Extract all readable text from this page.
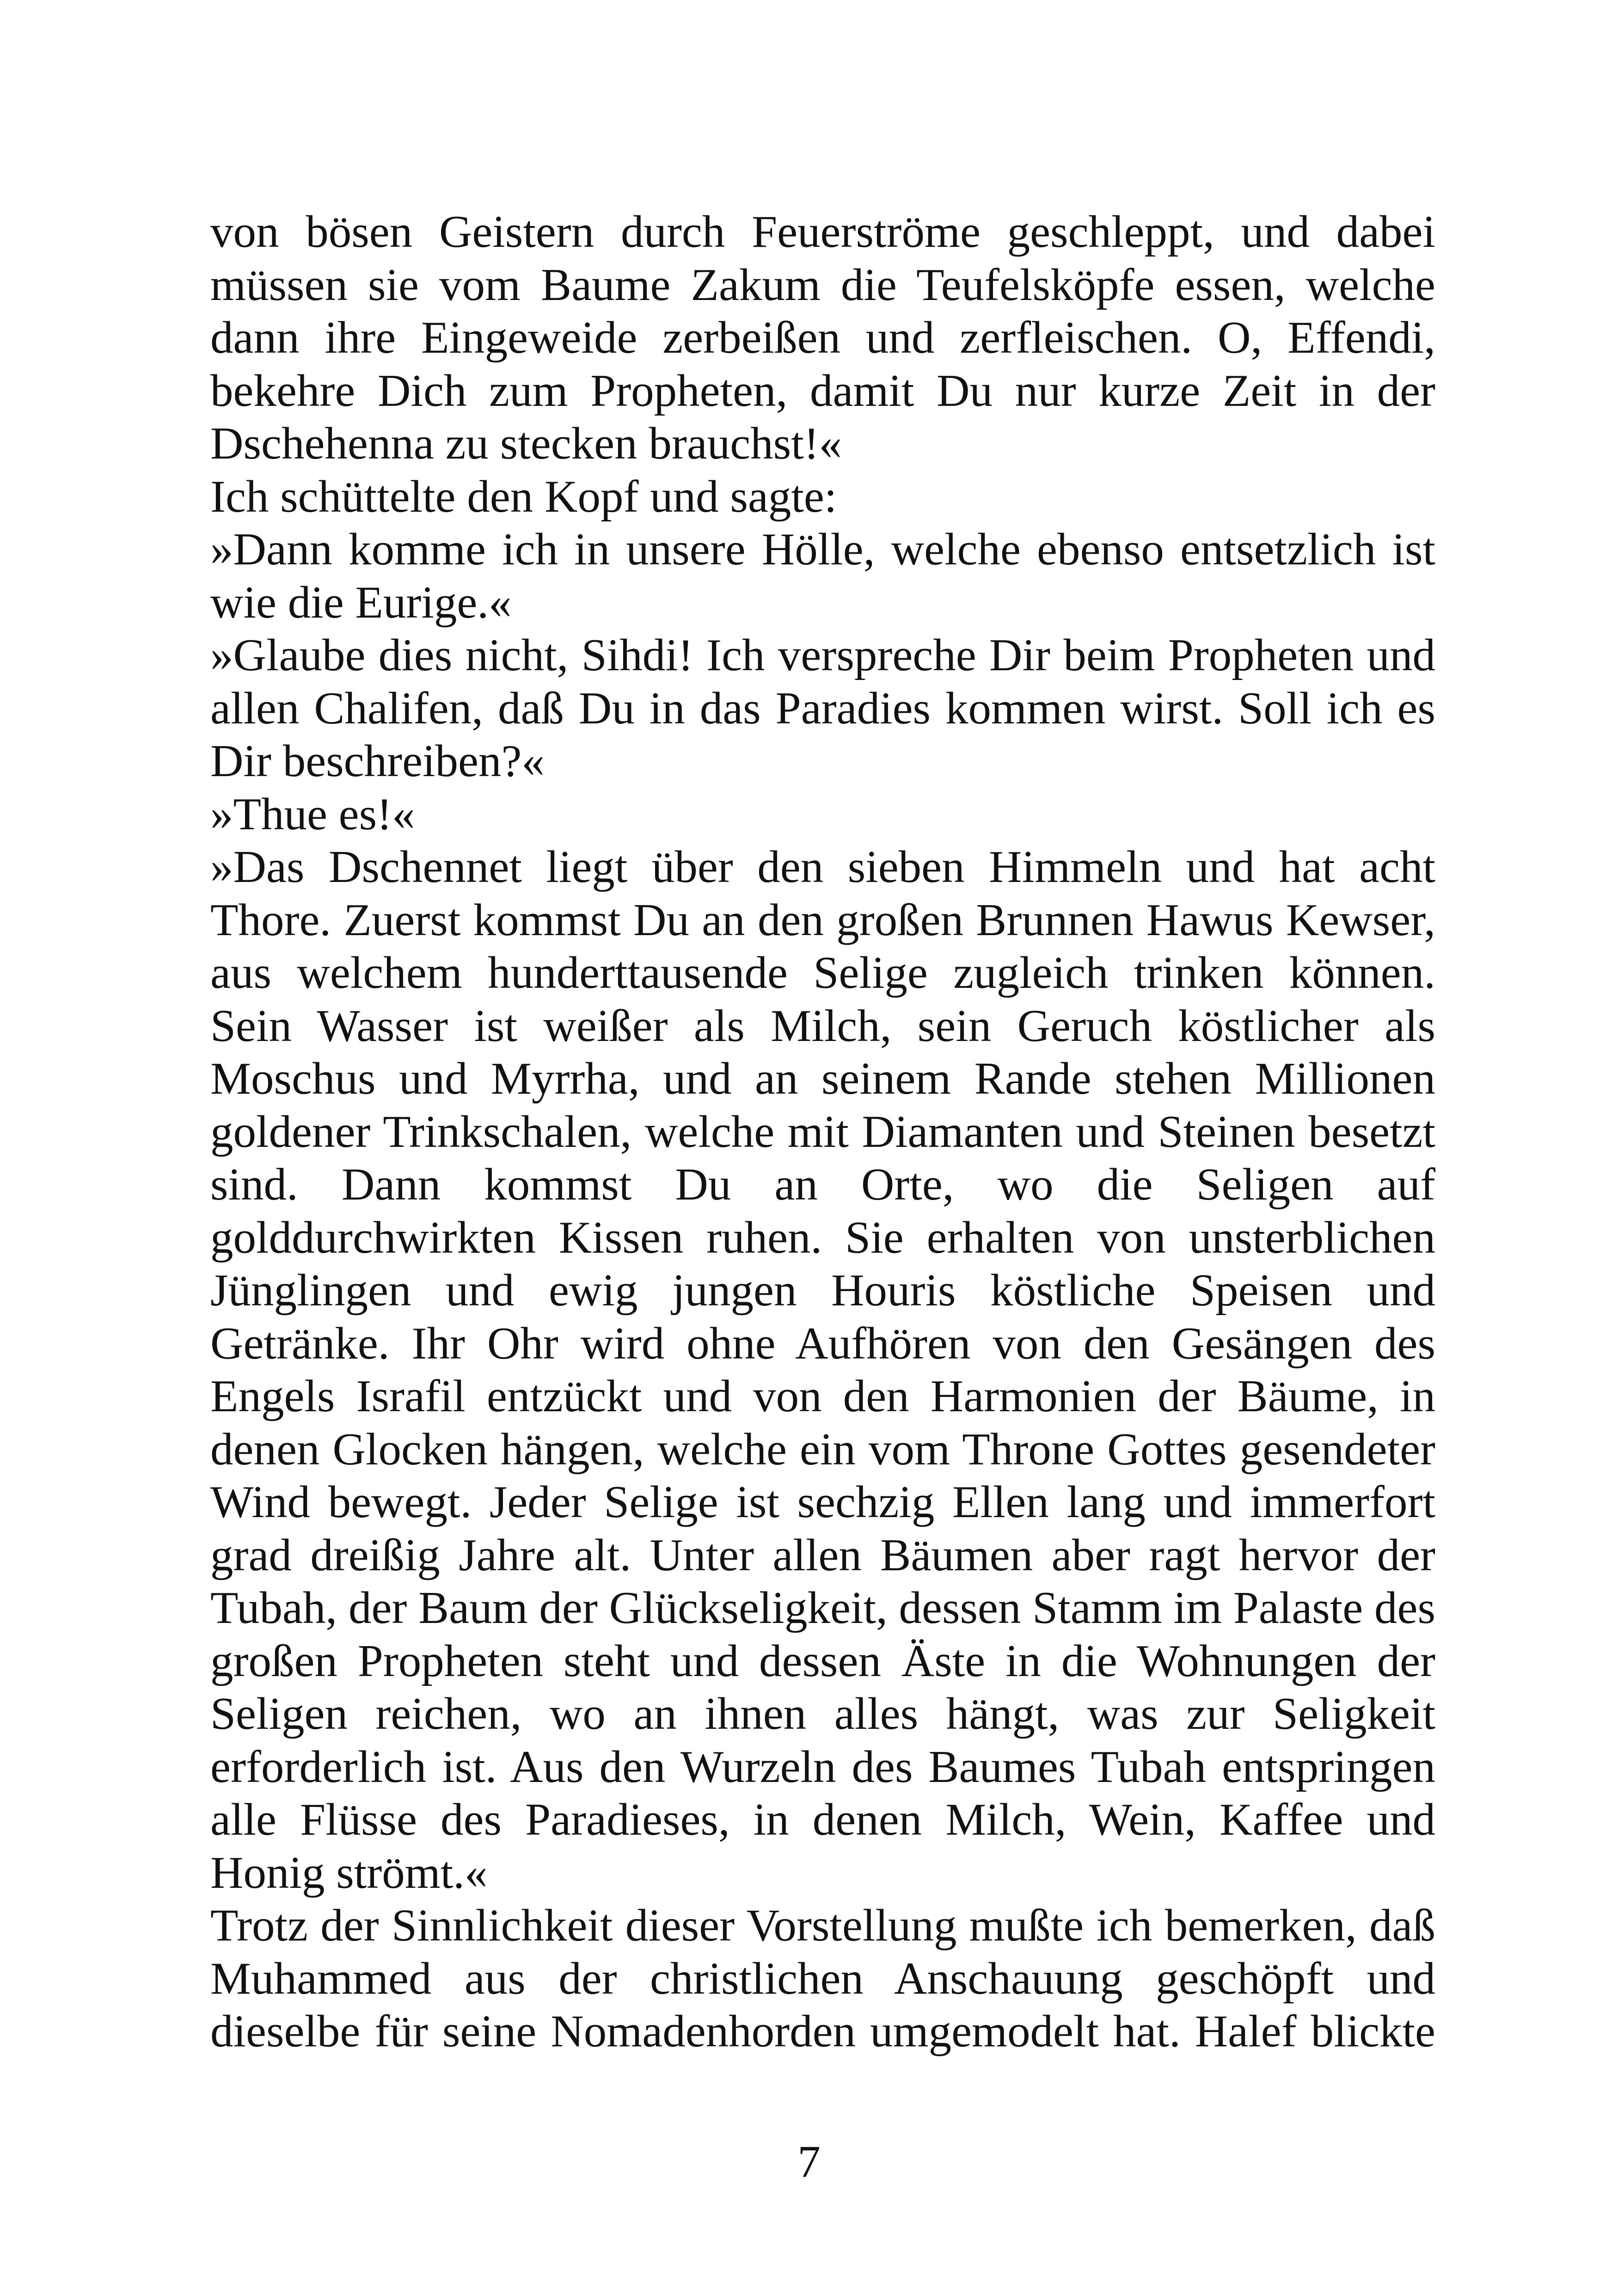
von bösen Geistern durch Feuerströme geschleppt, und dabei
müssen sie vom Baume Zakum die Teufelsköpfe essen, welche
dann ihre Eingeweide zerbeißen und zerfleischen. O, Effendi,
bekehre Dich zum Propheten, damit Du nur kurze Zeit in der
Dschehenna zu stecken brauchst!«
Ich schüttelte den Kopf und sagte:
»Dann komme ich in unsere Hölle, welche ebenso entsetzlich ist
wie die Eurige.«
»Glaube dies nicht, Sihdi! Ich verspreche Dir beim Propheten und
allen Chalifen, daß Du in das Paradies kommen wirst. Soll ich es
Dir beschreiben?«
»Thue es!«
»Das Dschennet liegt über den sieben Himmeln und hat acht
Thore. Zuerst kommst Du an den großen Brunnen Hawus Kewser,
aus welchem hunderttausende Selige zugleich trinken können.
Sein Wasser ist weißer als Milch, sein Geruch köstlicher als
Moschus und Myrrha, und an seinem Rande stehen Millionen
goldener Trinkschalen, welche mit Diamanten und Steinen besetzt
sind. Dann kommst Du an Orte, wo die Seligen auf
golddurchwirkten Kissen ruhen. Sie erhalten von unsterblichen
Jünglingen und ewig jungen Houris köstliche Speisen und
Getränke. Ihr Ohr wird ohne Aufhören von den Gesängen des
Engels Israfil entzückt und von den Harmonien der Bäume, in
denen Glocken hängen, welche ein vom Throne Gottes gesendeter
Wind bewegt. Jeder Selige ist sechzig Ellen lang und immerfort
grad dreißig Jahre alt. Unter allen Bäumen aber ragt hervor der
Tubah, der Baum der Glückseligkeit, dessen Stamm im Palaste des
großen Propheten steht und dessen Äste in die Wohnungen der
Seligen reichen, wo an ihnen alles hängt, was zur Seligkeit
erforderlich ist. Aus den Wurzeln des Baumes Tubah entspringen
alle Flüsse des Paradieses, in denen Milch, Wein, Kaffee und
Honig strömt.«
Trotz der Sinnlichkeit dieser Vorstellung mußte ich bemerken, daß
Muhammed aus der christlichen Anschauung geschöpft und
dieselbe für seine Nomadenhorden umgemodelt hat. Halef blickte
7
